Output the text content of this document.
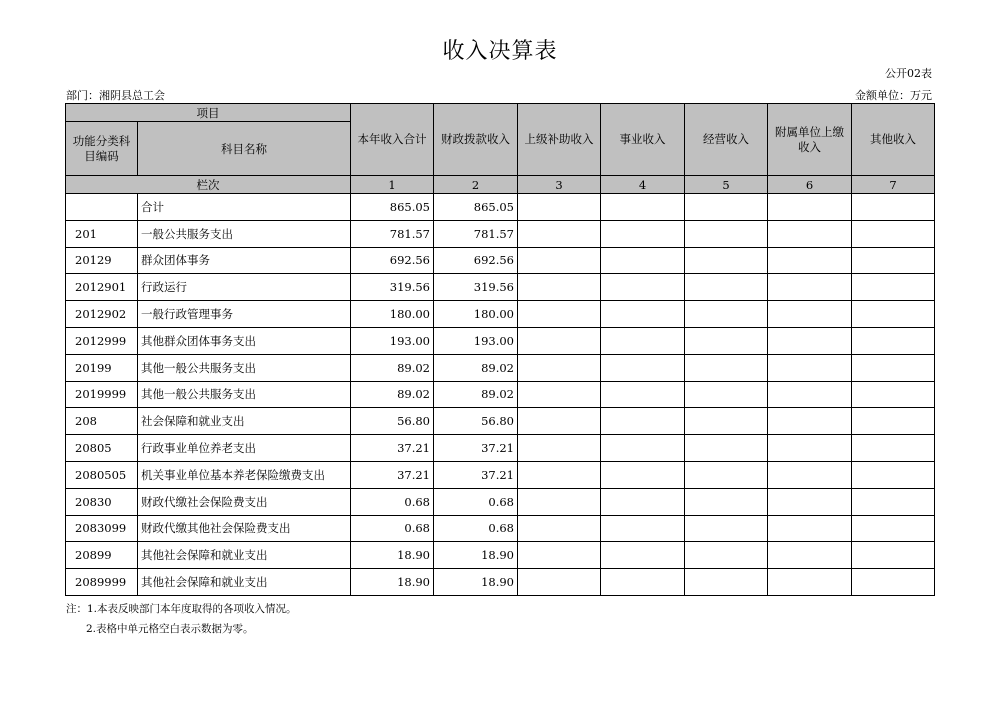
收入决算表
公开02表
部门：湘阴县总工会	金额单位：万元
项目		本年收入合计	财政拨款收入	上级补助收入	事业收入	经营收入	附属单位上缴收入	其他收入
功能分类科目编码	科目名称							
栏次		1	2	3	4	5	6	7
	合计	865.05	865.05					
201	一般公共服务支出	781.57	781.57					
20129	群众团体事务	692.56	692.56					
2012901	行政运行	319.56	319.56					
2012902	一般行政管理事务	180.00	180.00					
2012999	其他群众团体事务支出	193.00	193.00					
20199	其他一般公共服务支出	89.02	89.02					
2019999	其他一般公共服务支出	89.02	89.02					
208	社会保障和就业支出	56.80	56.80					
20805	行政事业单位养老支出	37.21	37.21					
2080505	机关事业单位基本养老保险缴费支出	37.21	37.21					
20830	财政代缴社会保险费支出	0.68	0.68					
2083099	财政代缴其他社会保险费支出	0.68	0.68					
20899	其他社会保障和就业支出	18.90	18.90					
2089999	其他社会保障和就业支出	18.90	18.90					
注：1.本表反映部门本年度取得的各项收入情况。
2.表格中单元格空白表示数据为零。
